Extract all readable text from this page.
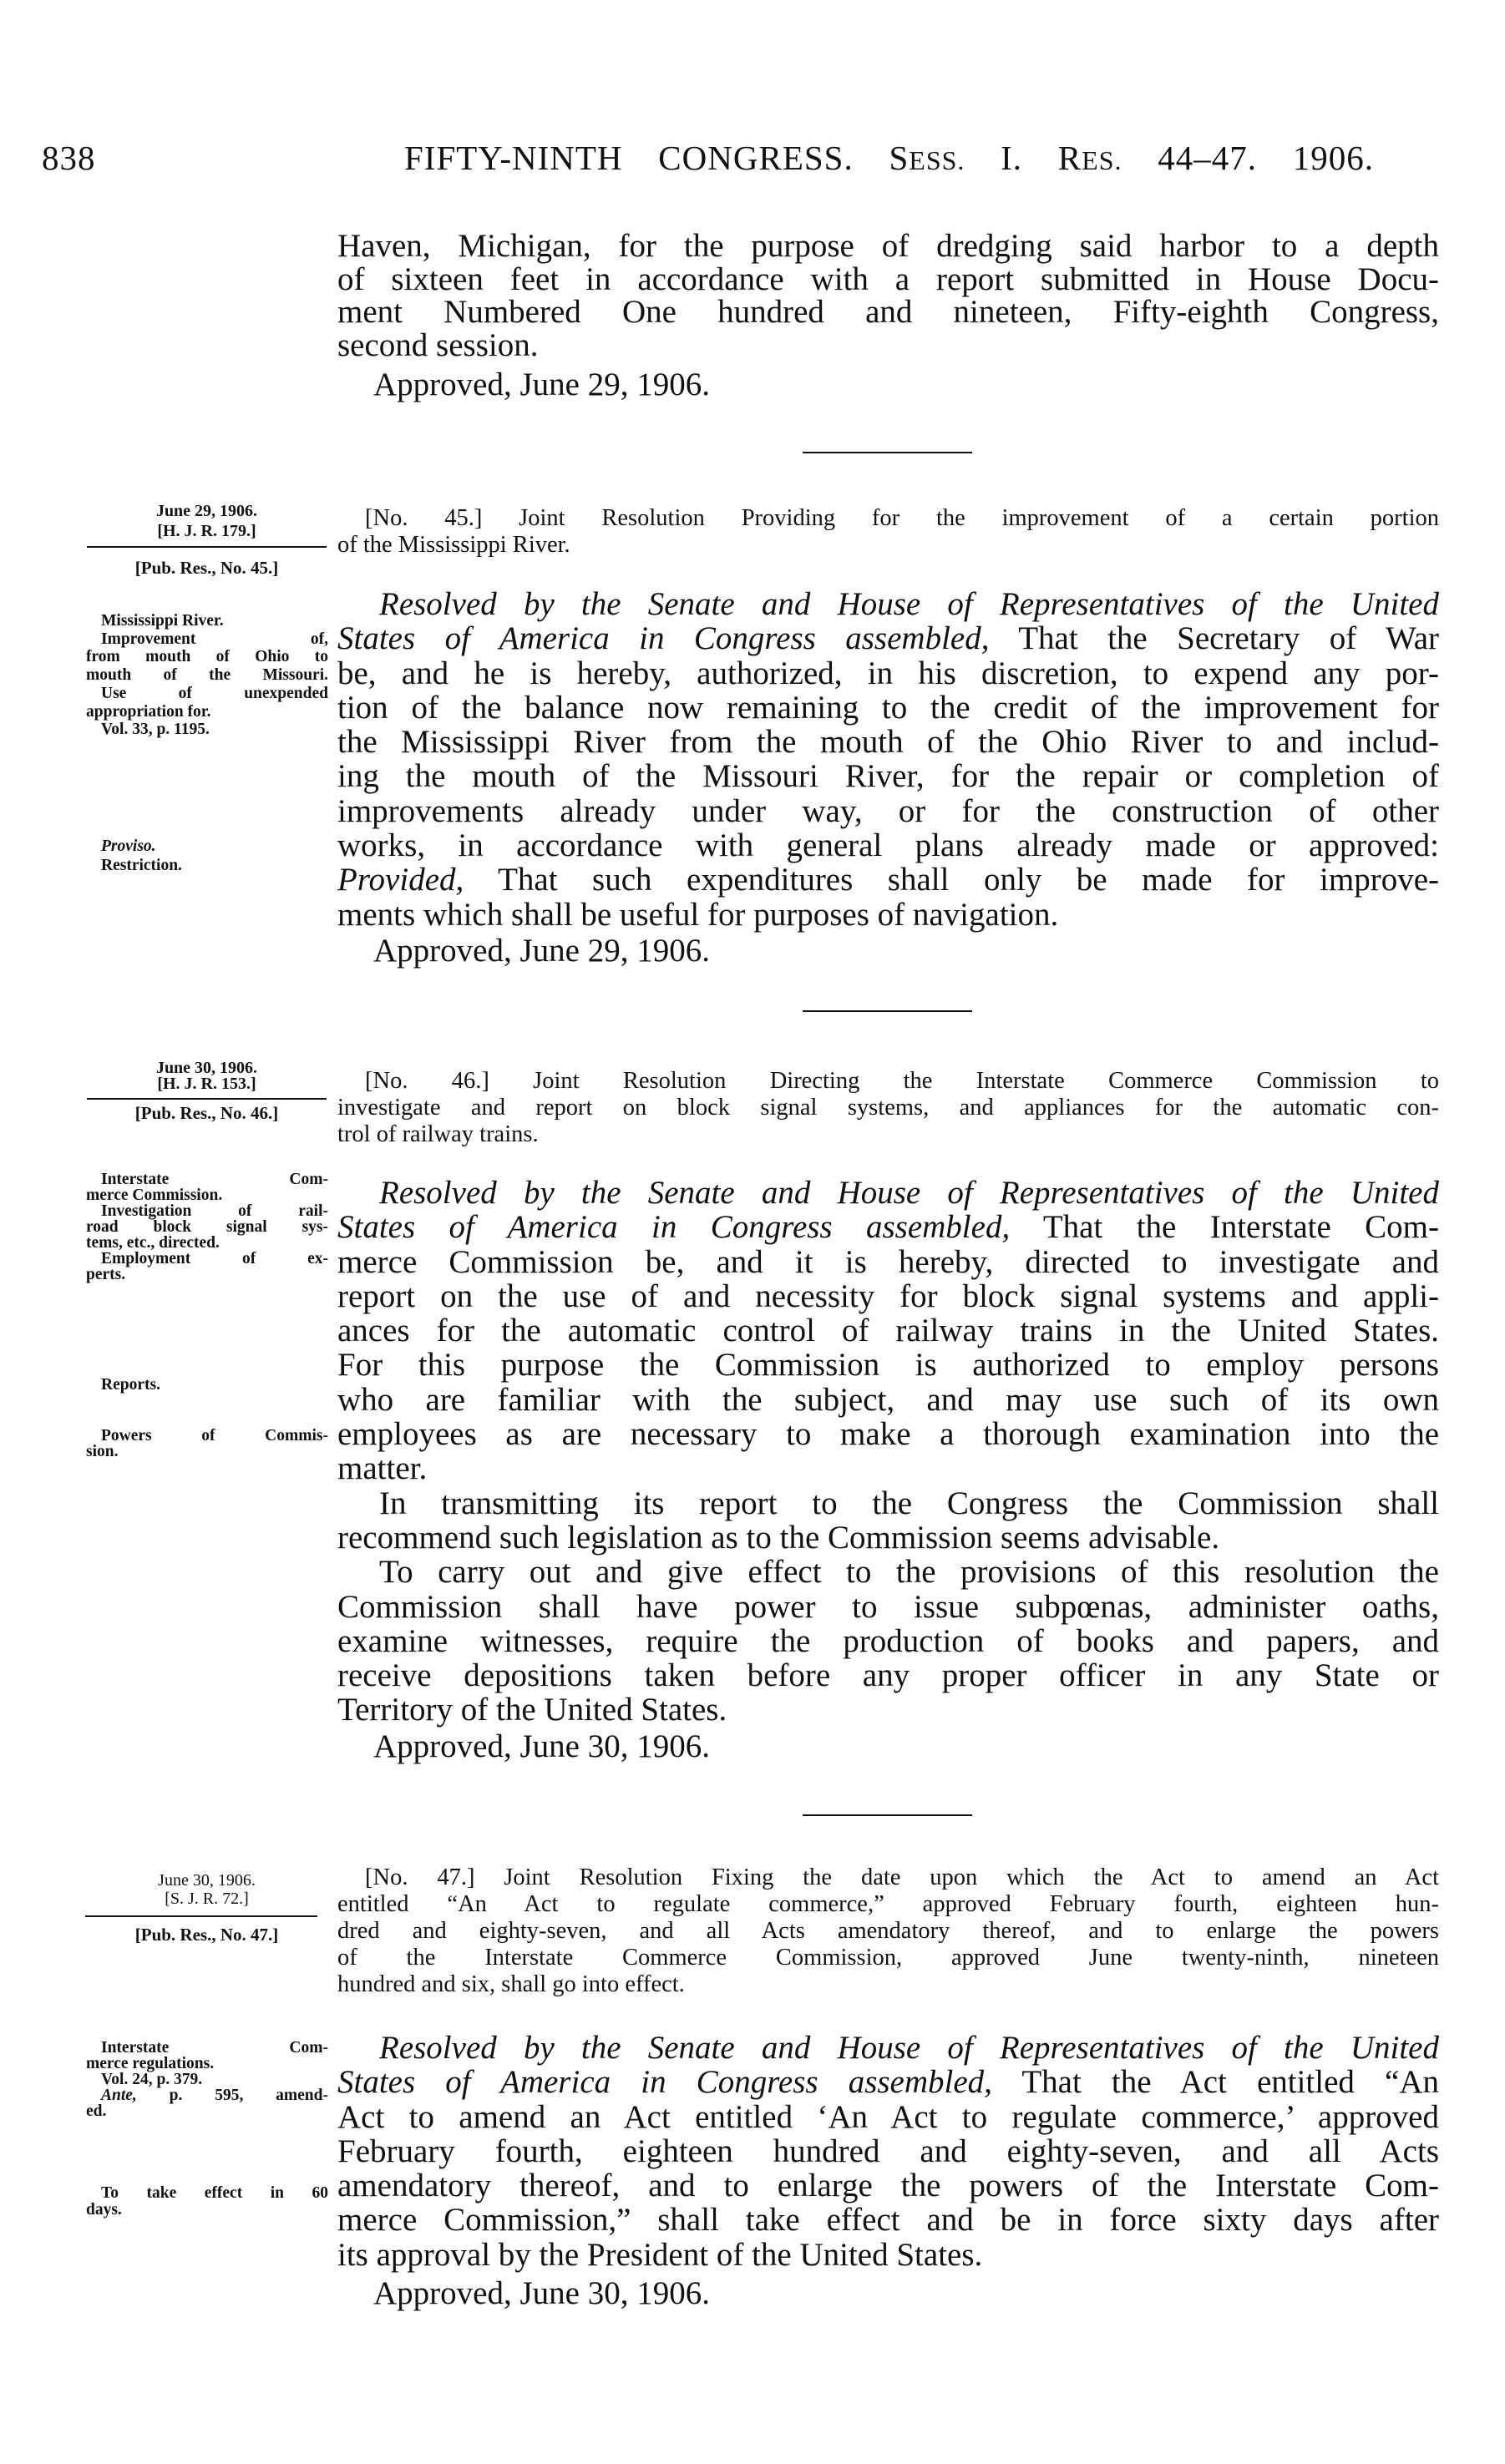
838	FIFTY-NINTH CONGRESS. SESS. I. RES. 44–47. 1906.
Haven, Michigan, for the purpose of dredging said harbor to a depth
of sixteen feet in accordance with a report submitted in House Docu-
ment Numbered One hundred and nineteen, Fifty-eighth Congress,
second session.
Approved, June 29, 1906.
June 29, 1906.
[H. J. R. 179.]
[Pub. Res., No. 45.]
[No. 45.] Joint Resolution Providing for the improvement of a certain portion
of the Mississippi River.
Resolved by the Senate and House of Representatives of the United
States of America in Congress assembled, That the Secretary of War
be, and he is hereby, authorized, in his discretion, to expend any por-
tion of the balance now remaining to the credit of the improvement for
the Mississippi River from the mouth of the Ohio River to and includ-
ing the mouth of the Missouri River, for the repair or completion of
improvements already under way, or for the construction of other
works, in accordance with general plans already made or approved:
Provided, That such expenditures shall only be made for improve-
ments which shall be useful for purposes of navigation.
Approved, June 29, 1906.
Mississippi River.
Improvement of,
from mouth of Ohio to
mouth of the Missouri.
Use of unexpended
appropriation for.
Vol. 33, p. 1195.
Proviso.
Restriction.
June 30, 1906.
[H. J. R. 153.]
[Pub. Res., No. 46.]
[No. 46.] Joint Resolution Directing the Interstate Commerce Commission to
investigate and report on block signal systems, and appliances for the automatic con-
trol of railway trains.
Resolved by the Senate and House of Representatives of the United
States of America in Congress assembled, That the Interstate Com-
merce Commission be, and it is hereby, directed to investigate and
report on the use of and necessity for block signal systems and appli-
ances for the automatic control of railway trains in the United States.
For this purpose the Commission is authorized to employ persons
who are familiar with the subject, and may use such of its own
employees as are necessary to make a thorough examination into the
matter.
In transmitting its report to the Congress the Commission shall
recommend such legislation as to the Commission seems advisable.
To carry out and give effect to the provisions of this resolution the
Commission shall have power to issue subpœnas, administer oaths,
examine witnesses, require the production of books and papers, and
receive depositions taken before any proper officer in any State or
Territory of the United States.
Approved, June 30, 1906.
Interstate Com-
merce Commission.
Investigation of rail-
road block signal sys-
tems, etc., directed.
Employment of ex-
perts.
Reports.
Powers of Commis-
sion.
June 30, 1906.
[S. J. R. 72.]
[Pub. Res., No. 47.]
[No. 47.] Joint Resolution Fixing the date upon which the Act to amend an Act
entitled “An Act to regulate commerce,” approved February fourth, eighteen hun-
dred and eighty-seven, and all Acts amendatory thereof, and to enlarge the powers
of the Interstate Commerce Commission, approved June twenty-ninth, nineteen
hundred and six, shall go into effect.
Resolved by the Senate and House of Representatives of the United
States of America in Congress assembled, That the Act entitled “An
Act to amend an Act entitled ‘An Act to regulate commerce,’ approved
February fourth, eighteen hundred and eighty-seven, and all Acts
amendatory thereof, and to enlarge the powers of the Interstate Com-
merce Commission,” shall take effect and be in force sixty days after
its approval by the President of the United States.
Approved, June 30, 1906.
Interstate Com-
merce regulations.
Vol. 24, p. 379.
Ante, p. 595, amend-
ed.
To take effect in 60
days.
